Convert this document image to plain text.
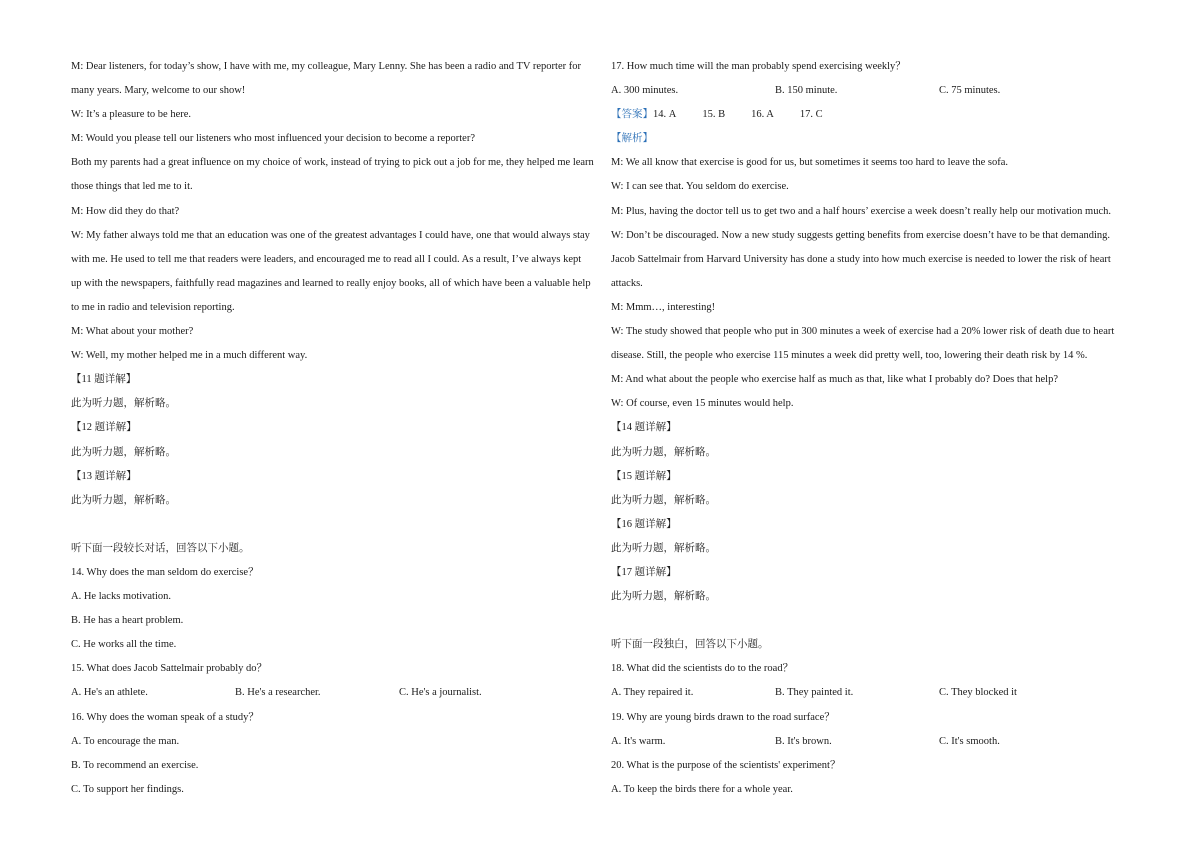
M: Dear listeners, for today’s show, I have with me, my colleague, Mary Lenny. She has been a radio and TV reporter for
many years. Mary, welcome to our show!
W: It’s a pleasure to be here.
M: Would you please tell our listeners who most influenced your decision to become a reporter?
Both my parents had a great influence on my choice of work, instead of trying to pick out a job for me, they helped me learn
those things that led me to it.
M: How did they do that?
W: My father always told me that an education was one of the greatest advantages I could have, one that would always stay
with me. He used to tell me that readers were leaders, and encouraged me to read all I could. As a result, I’ve always kept
up with the newspapers, faithfully read magazines and learned to really enjoy books, all of which have been a valuable help
to me in radio and television reporting.
M: What about your mother?
W: Well, my mother helped me in a much different way.
【11 题详解】
此为听力题，解析略。
【12 题详解】
此为听力题，解析略。
【13 题详解】
此为听力题，解析略。
听下面一段较长对话，回答以下小题。
14. Why does the man seldom do exercise？
A. He lacks motivation.
B. He has a heart problem.
C. He works all the time.
15. What does Jacob Sattelmair probably do？
A. He's an athlete.	B. He's a researcher.	C. He's a journalist.
16. Why does the woman speak of a study？
A. To encourage the man.
B. To recommend an exercise.
C. To support her findings.
17. How much time will the man probably spend exercising weekly？
A. 300 minutes.	B. 150 minute.	C. 75 minutes.
【答案】14. A 15. B 16. A 17. C
【解析】
M: We all know that exercise is good for us, but sometimes it seems too hard to leave the sofa.
W: I can see that. You seldom do exercise.
M: Plus, having the doctor tell us to get two and a half hours’ exercise a week doesn’t really help our motivation much.
W: Don’t be discouraged. Now a new study suggests getting benefits from exercise doesn’t have to be that demanding.
Jacob Sattelmair from Harvard University has done a study into how much exercise is needed to lower the risk of heart
attacks.
M: Mmm…, interesting!
W: The study showed that people who put in 300 minutes a week of exercise had a 20% lower risk of death due to heart
disease. Still, the people who exercise 115 minutes a week did pretty well, too, lowering their death risk by 14 %.
M: And what about the people who exercise half as much as that, like what I probably do? Does that help?
W: Of course, even 15 minutes would help.
【14 题详解】
此为听力题，解析略。
【15 题详解】
此为听力题，解析略。
【16 题详解】
此为听力题，解析略。
【17 题详解】
此为听力题，解析略。
听下面一段独白，回答以下小题。
18. What did the scientists do to the road？
A. They repaired it.	B. They painted it.	C. They blocked it
19. Why are young birds drawn to the road surface？
A. It's warm.	B. It's brown.	C. It's smooth.
20. What is the purpose of the scientists' experiment？
A. To keep the birds there for a whole year.
